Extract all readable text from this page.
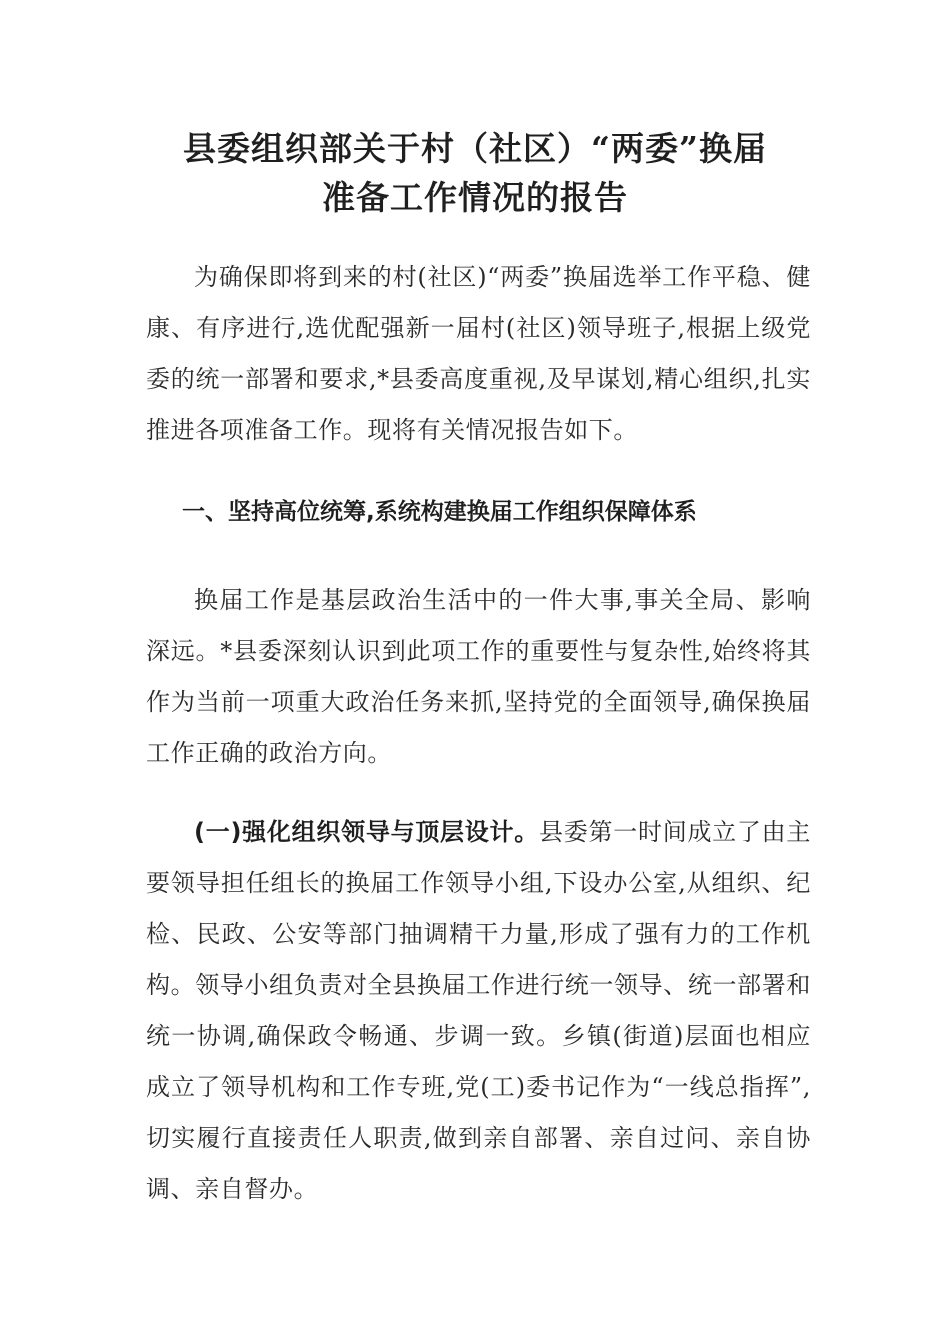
县委组织部关于村（社区）“两委”换届
准备工作情况的报告

为确保即将到来的村(社区)“两委”换届选举工作平稳、健康、有序进行,选优配强新一届村(社区)领导班子,根据上级党委的统一部署和要求,*县委高度重视,及早谋划,精心组织,扎实推进各项准备工作。现将有关情况报告如下。

一、坚持高位统筹,系统构建换届工作组织保障体系

换届工作是基层政治生活中的一件大事,事关全局、影响深远。*县委深刻认识到此项工作的重要性与复杂性,始终将其作为当前一项重大政治任务来抓,坚持党的全面领导,确保换届工作正确的政治方向。

(一)强化组织领导与顶层设计。县委第一时间成立了由主要领导担任组长的换届工作领导小组,下设办公室,从组织、纪检、民政、公安等部门抽调精干力量,形成了强有力的工作机构。领导小组负责对全县换届工作进行统一领导、统一部署和统一协调,确保政令畅通、步调一致。乡镇(街道)层面也相应成立了领导机构和工作专班,党(工)委书记作为“一线总指挥”,切实履行直接责任人职责,做到亲自部署、亲自过问、亲自协调、亲自督办。
